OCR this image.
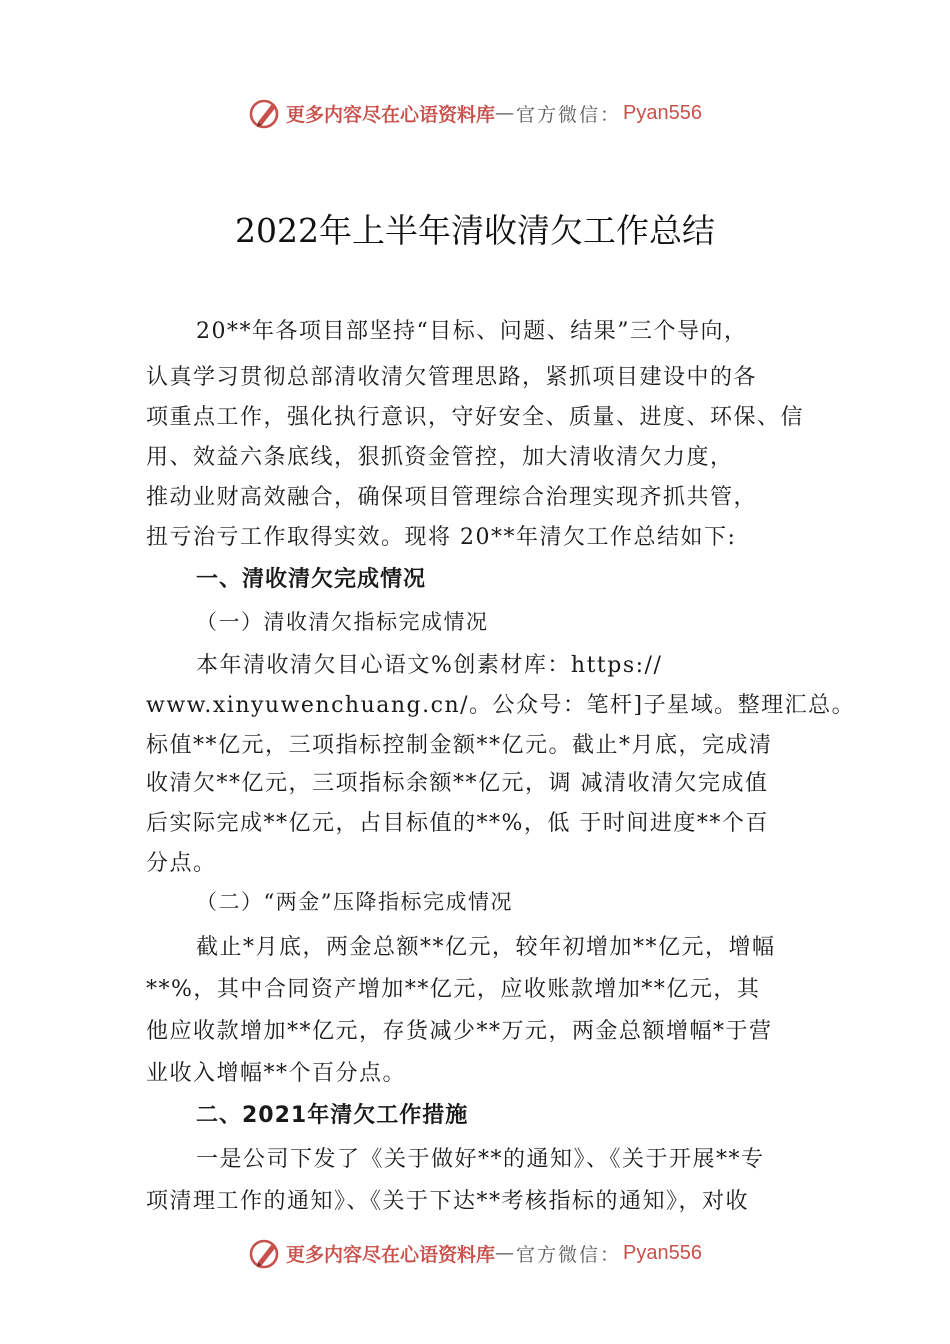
更多内容尽在心语资料库 — 官方微信： Pyan556
2022年上半年清收清欠工作总结
20**年各项目部坚持“目标、问题、结果”三个导向，
认真学习贯彻总部清收清欠管理思路，紧抓项目建设中的各
项重点工作，强化执行意识，守好安全、质量、进度、环保、信
用、效益六条底线，狠抓资金管控，加大清收清欠力度，
推动业财高效融合，确保项目管理综合治理实现齐抓共管，
扭亏治亏工作取得实效。现将 20**年清欠工作总结如下:
一、清收清欠完成情况
（一）清收清欠指标完成情况
本年清收清欠目心语文%创素材库：https://
www.xinyuwenchuang.cn/。公众号：笔杆]子星域。整理汇总。
标值**亿元，三项指标控制金额**亿元。截止*月底，完成清
收清欠**亿元，三项指标余额**亿元，调 减清收清欠完成值
后实际完成**亿元，占目标值的**%，低 于时间进度**个百
分点。
（二）“两金”压降指标完成情况
截止*月底，两金总额**亿元，较年初增加**亿元，增幅
**%，其中合同资产增加**亿元，应收账款增加**亿元，其
他应收款增加**亿元，存货减少**万元，两金总额增幅*于营
业收入增幅**个百分点。
二、2021年清欠工作措施
一是公司下发了《关于做好**的通知》、《关于开展**专
项清理工作的通知》、《关于下达**考核指标的通知》，对收
更多内容尽在心语资料库 — 官方微信： Pyan556
